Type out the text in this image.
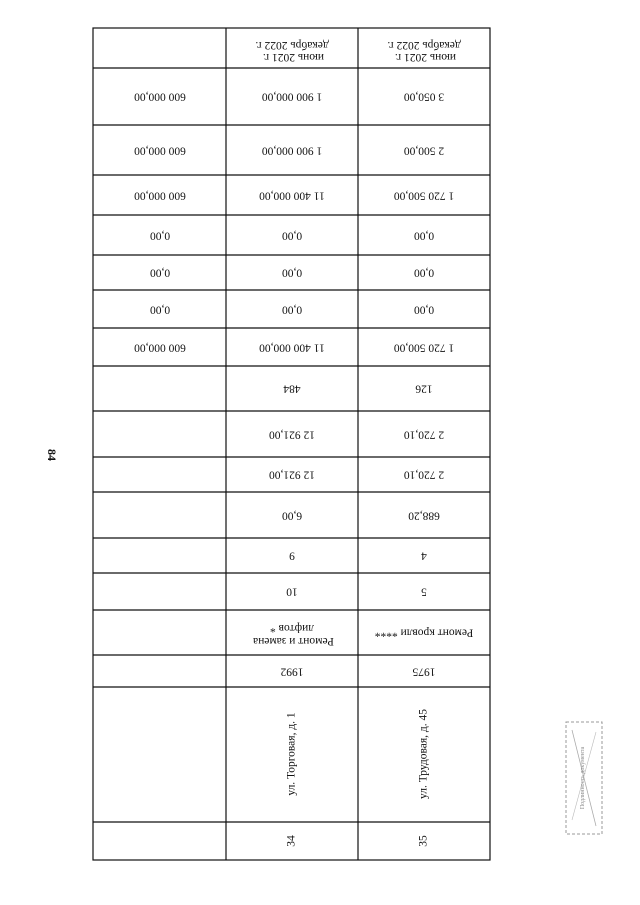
84
июнь 2021 г. декабрь 2022 г.
июнь 2021 г. декабрь 2022 г.
600 000,00
600 000,00
600 000,00
0,00
0,00
0,00
600 000,00
1 900 000,00
1 900 000,00
11 400 000,00
0,00
0,00
0,00
11 400 000,00
484
12 921,00
12 921,00
6,00
9
10
Ремонт и замена лифтов *
1992
ул. Торговая, д. 1
34
3 050,00
2 500,00
1 720 500,00
0,00
0,00
0,00
1 720 500,00
126
2 720,10
2 720,10
688,20
4
5
Ремонт кровли ****
1975
ул. Трудовая, д. 45
35
Подлинность документа
